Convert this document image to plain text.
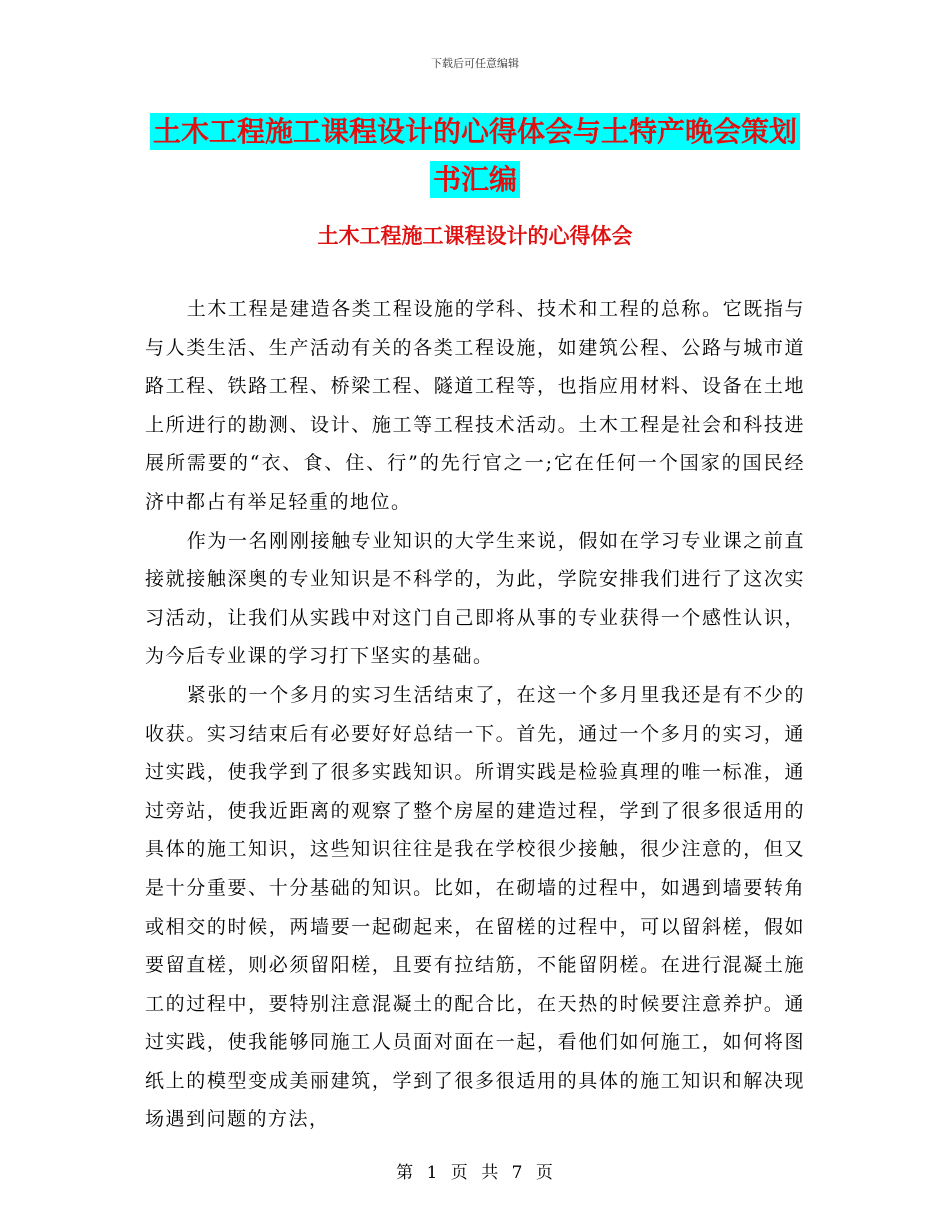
下载后可任意编辑
土木工程施工课程设计的心得体会与土特产晚会策划
书汇编
土木工程施工课程设计的心得体会

土木工程是建造各类工程设施的学科、技术和工程的总称。它既指与与人类生活、生产活动有关的各类工程设施，如建筑公程、公路与城市道路工程、铁路工程、桥梁工程、隧道工程等，也指应用材料、设备在土地上所进行的勘测、设计、施工等工程技术活动。土木工程是社会和科技进展所需要的“衣、食、住、行”的先行官之一;它在任何一个国家的国民经济中都占有举足轻重的地位。

作为一名刚刚接触专业知识的大学生来说，假如在学习专业课之前直接就接触深奥的专业知识是不科学的，为此，学院安排我们进行了这次实习活动，让我们从实践中对这门自己即将从事的专业获得一个感性认识，为今后专业课的学习打下坚实的基础。

紧张的一个多月的实习生活结束了，在这一个多月里我还是有不少的收获。实习结束后有必要好好总结一下。首先，通过一个多月的实习，通过实践，使我学到了很多实践知识。所谓实践是检验真理的唯一标准，通过旁站，使我近距离的观察了整个房屋的建造过程，学到了很多很适用的具体的施工知识，这些知识往往是我在学校很少接触，很少注意的，但又是十分重要、十分基础的知识。比如，在砌墙的过程中，如遇到墙要转角或相交的时候，两墙要一起砌起来，在留槎的过程中，可以留斜槎，假如要留直槎，则必须留阳槎，且要有拉结筋，不能留阴槎。在进行混凝土施工的过程中，要特别注意混凝土的配合比，在天热的时候要注意养护。通过实践，使我能够同施工人员面对面在一起，看他们如何施工，如何将图纸上的模型变成美丽建筑，学到了很多很适用的具体的施工知识和解决现场遇到问题的方法，

第 1 页 共 7 页
